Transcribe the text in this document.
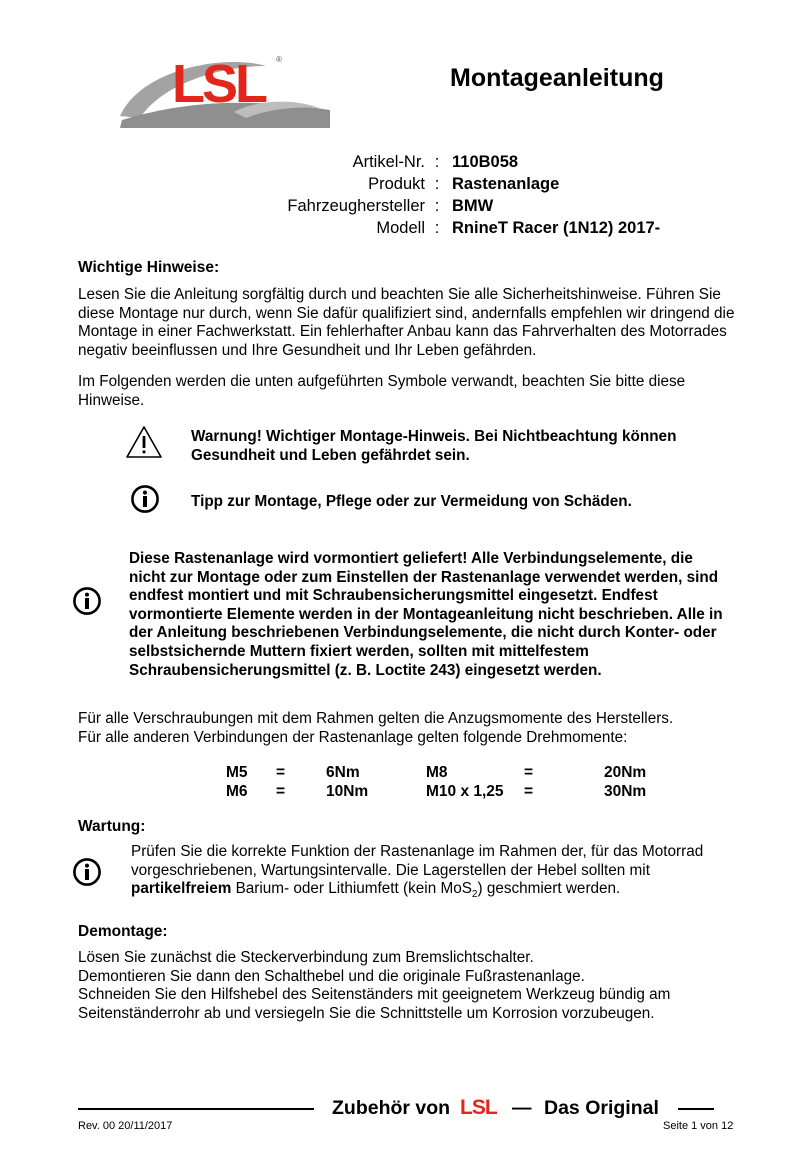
LSL ®
Montageanleitung
Artikel-Nr.	:	110B058
Produkt	:	Rastenanlage
Fahrzeughersteller	:	BMW
Modell	:	RnineT Racer (1N12) 2017-
Wichtige Hinweise:
Lesen Sie die Anleitung sorgfältig durch und beachten Sie alle Sicherheitshinweise. Führen Sie diese Montage nur durch, wenn Sie dafür qualifiziert sind, andernfalls empfehlen wir dringend die Montage in einer Fachwerkstatt. Ein fehlerhafter Anbau kann das Fahrverhalten des Motorrades negativ beeinflussen und Ihre Gesundheit und Ihr Leben gefährden.
Im Folgenden werden die unten aufgeführten Symbole verwandt, beachten Sie bitte diese Hinweise.
Warnung! Wichtiger Montage-Hinweis. Bei Nichtbeachtung können Gesundheit und Leben gefährdet sein.
Tipp zur Montage, Pflege oder zur Vermeidung von Schäden.
Diese Rastenanlage wird vormontiert geliefert! Alle Verbindungselemente, die nicht zur Montage oder zum Einstellen der Rastenanlage verwendet werden, sind endfest montiert und mit Schraubensicherungsmittel eingesetzt. Endfest vormontierte Elemente werden in der Montageanleitung nicht beschrieben. Alle in der Anleitung beschriebenen Verbindungselemente, die nicht durch Konter- oder selbstsichernde Muttern fixiert werden, sollten mit mittelfestem Schraubensicherungsmittel (z. B. Loctite 243) eingesetzt werden.
Für alle Verschraubungen mit dem Rahmen gelten die Anzugsmomente des Herstellers.
Für alle anderen Verbindungen der Rastenanlage gelten folgende Drehmomente:
M5	=	6Nm	M8	=	20Nm
M6	=	10Nm	M10 x 1,25	=	30Nm
Wartung:
Prüfen Sie die korrekte Funktion der Rastenanlage im Rahmen der, für das Motorrad vorgeschriebenen, Wartungsintervalle. Die Lagerstellen der Hebel sollten mit partikelfreiem Barium- oder Lithiumfett (kein MoS$_2$) geschmiert werden.
Demontage:
Lösen Sie zunächst die Steckerverbindung zum Bremslichtschalter.
Demontieren Sie dann den Schalthebel und die originale Fußrastenanlage.
Schneiden Sie den Hilfshebel des Seitenständers mit geeignetem Werkzeug bündig am Seitenständerrohr ab und versiegeln Sie die Schnittstelle um Korrosion vorzubeugen.
Zubehör von LSL — Das Original
Rev. 00 20/11/2017	Seite 1 von 12
